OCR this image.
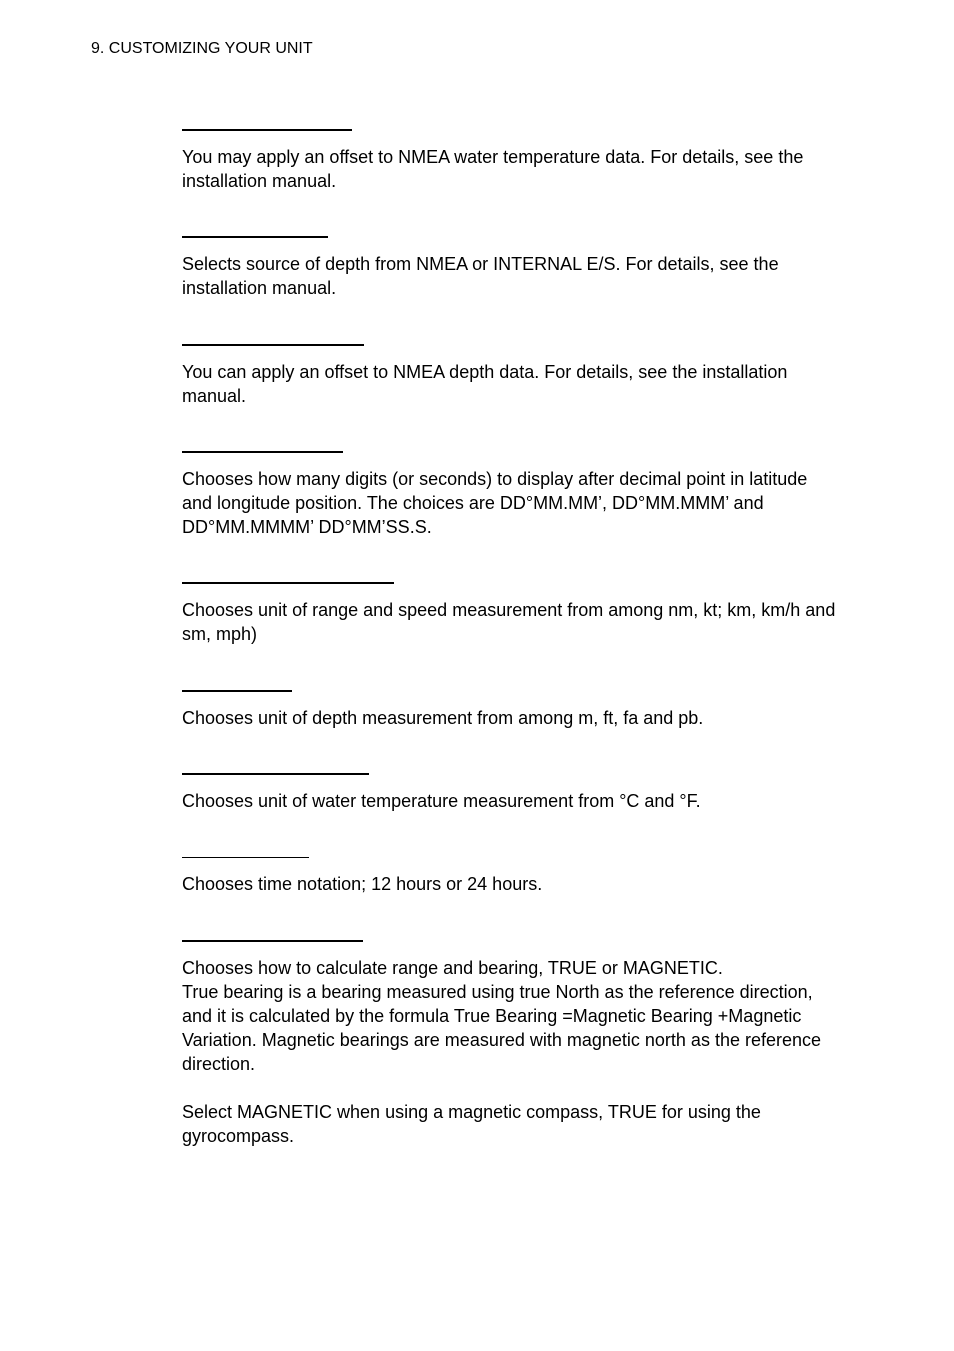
9. CUSTOMIZING YOUR UNIT

You may apply an offset to NMEA water temperature data. For details, see the installation manual.

Selects source of depth from NMEA or INTERNAL E/S. For details, see the installation manual.

You can apply an offset to NMEA depth data. For details, see the installation manual.

Chooses how many digits (or seconds) to display after decimal point in latitude and longitude position. The choices are DD°MM.MM’, DD°MM.MMM’ and DD°MM.MMMM’ DD°MM’SS.S.

Chooses unit of range and speed measurement from among nm, kt; km, km/h and sm, mph)

Chooses unit of depth measurement from among m, ft, fa and pb.

Chooses unit of water temperature measurement from °C and °F.

Chooses time notation; 12 hours or 24 hours.

Chooses how to calculate range and bearing, TRUE or MAGNETIC.

True bearing is a bearing measured using true North as the reference direction, and it is calculated by the formula True Bearing =Magnetic Bearing +Magnetic Variation. Magnetic bearings are measured with magnetic north as the reference direction.

Select MAGNETIC when using a magnetic compass, TRUE for using the gyrocompass.
